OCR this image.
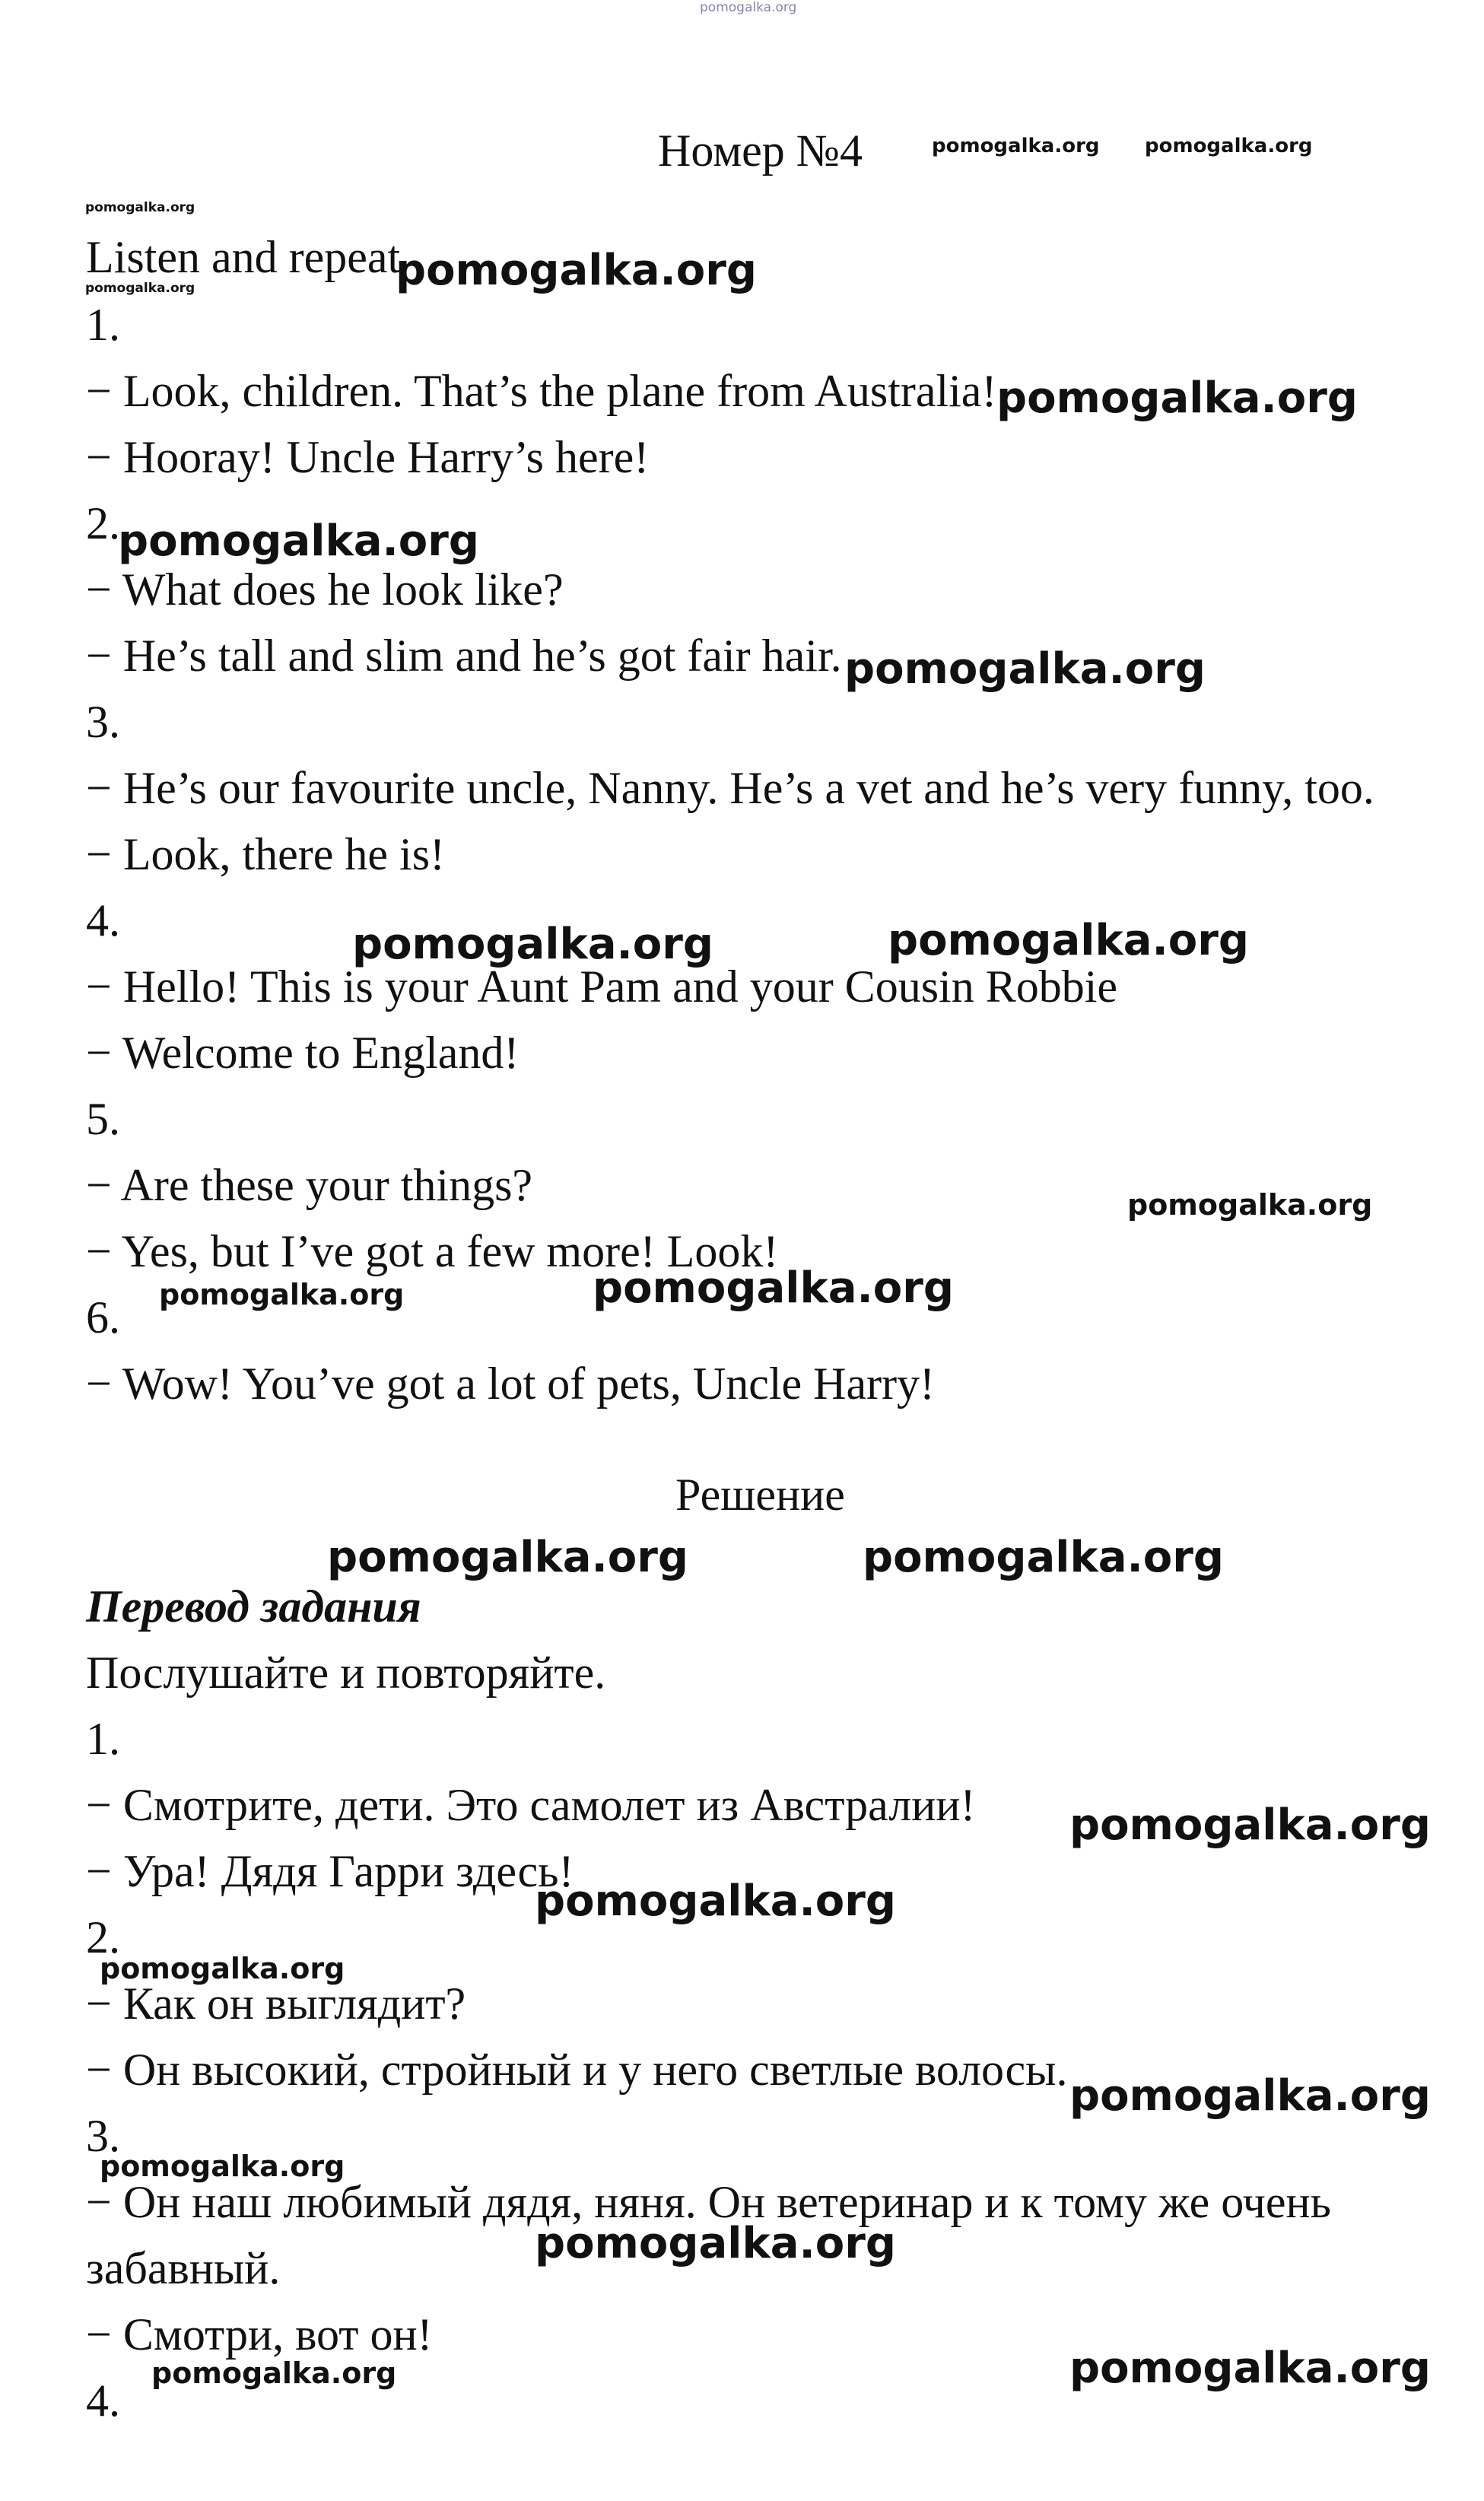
pomogalka.org
Номер №4	pomogalka.org pomogalka.org
pomogalka.org
Listen and repeat
pomogalka.org	pomogalka.org
1.
− Look, children. That’s the plane from Australia! pomogalka.org
− Hooray! Uncle Harry’s here!
2.
pomogalka.org
− What does he look like?
− He’s tall and slim and he’s got fair hair. pomogalka.org
3.
− He’s our favourite uncle, Nanny. He’s a vet and he’s very funny, too.
− Look, there he is!
4.	pomogalka.org	pomogalka.org
− Hello! This is your Aunt Pam and your Cousin Robbie
− Welcome to England!
5.
− Are these your things?	pomogalka.org
− Yes, but I’ve got a few more! Look!
pomogalka.org
pomogalka.org
6.
− Wow! You’ve got a lot of pets, Uncle Harry!
Решение
pomogalka.org	pomogalka.org
Перевод задания
Послушайте и повторяйте.
1.
− Смотрите, дети. Это самолет из Австралии! pomogalka.org
− Ура! Дядя Гарри здесь!
pomogalka.org
2.
pomogalka.org
− Как он выглядит?
− Он высокий, стройный и у него светлые волосы.
pomogalka.org
3.
pomogalka.org
− Он наш любимый дядя, няня. Он ветеринар и к тому же очень
забавный.	pomogalka.org
− Смотри, вот он!
pomogalka.org	pomogalka.org
4.
